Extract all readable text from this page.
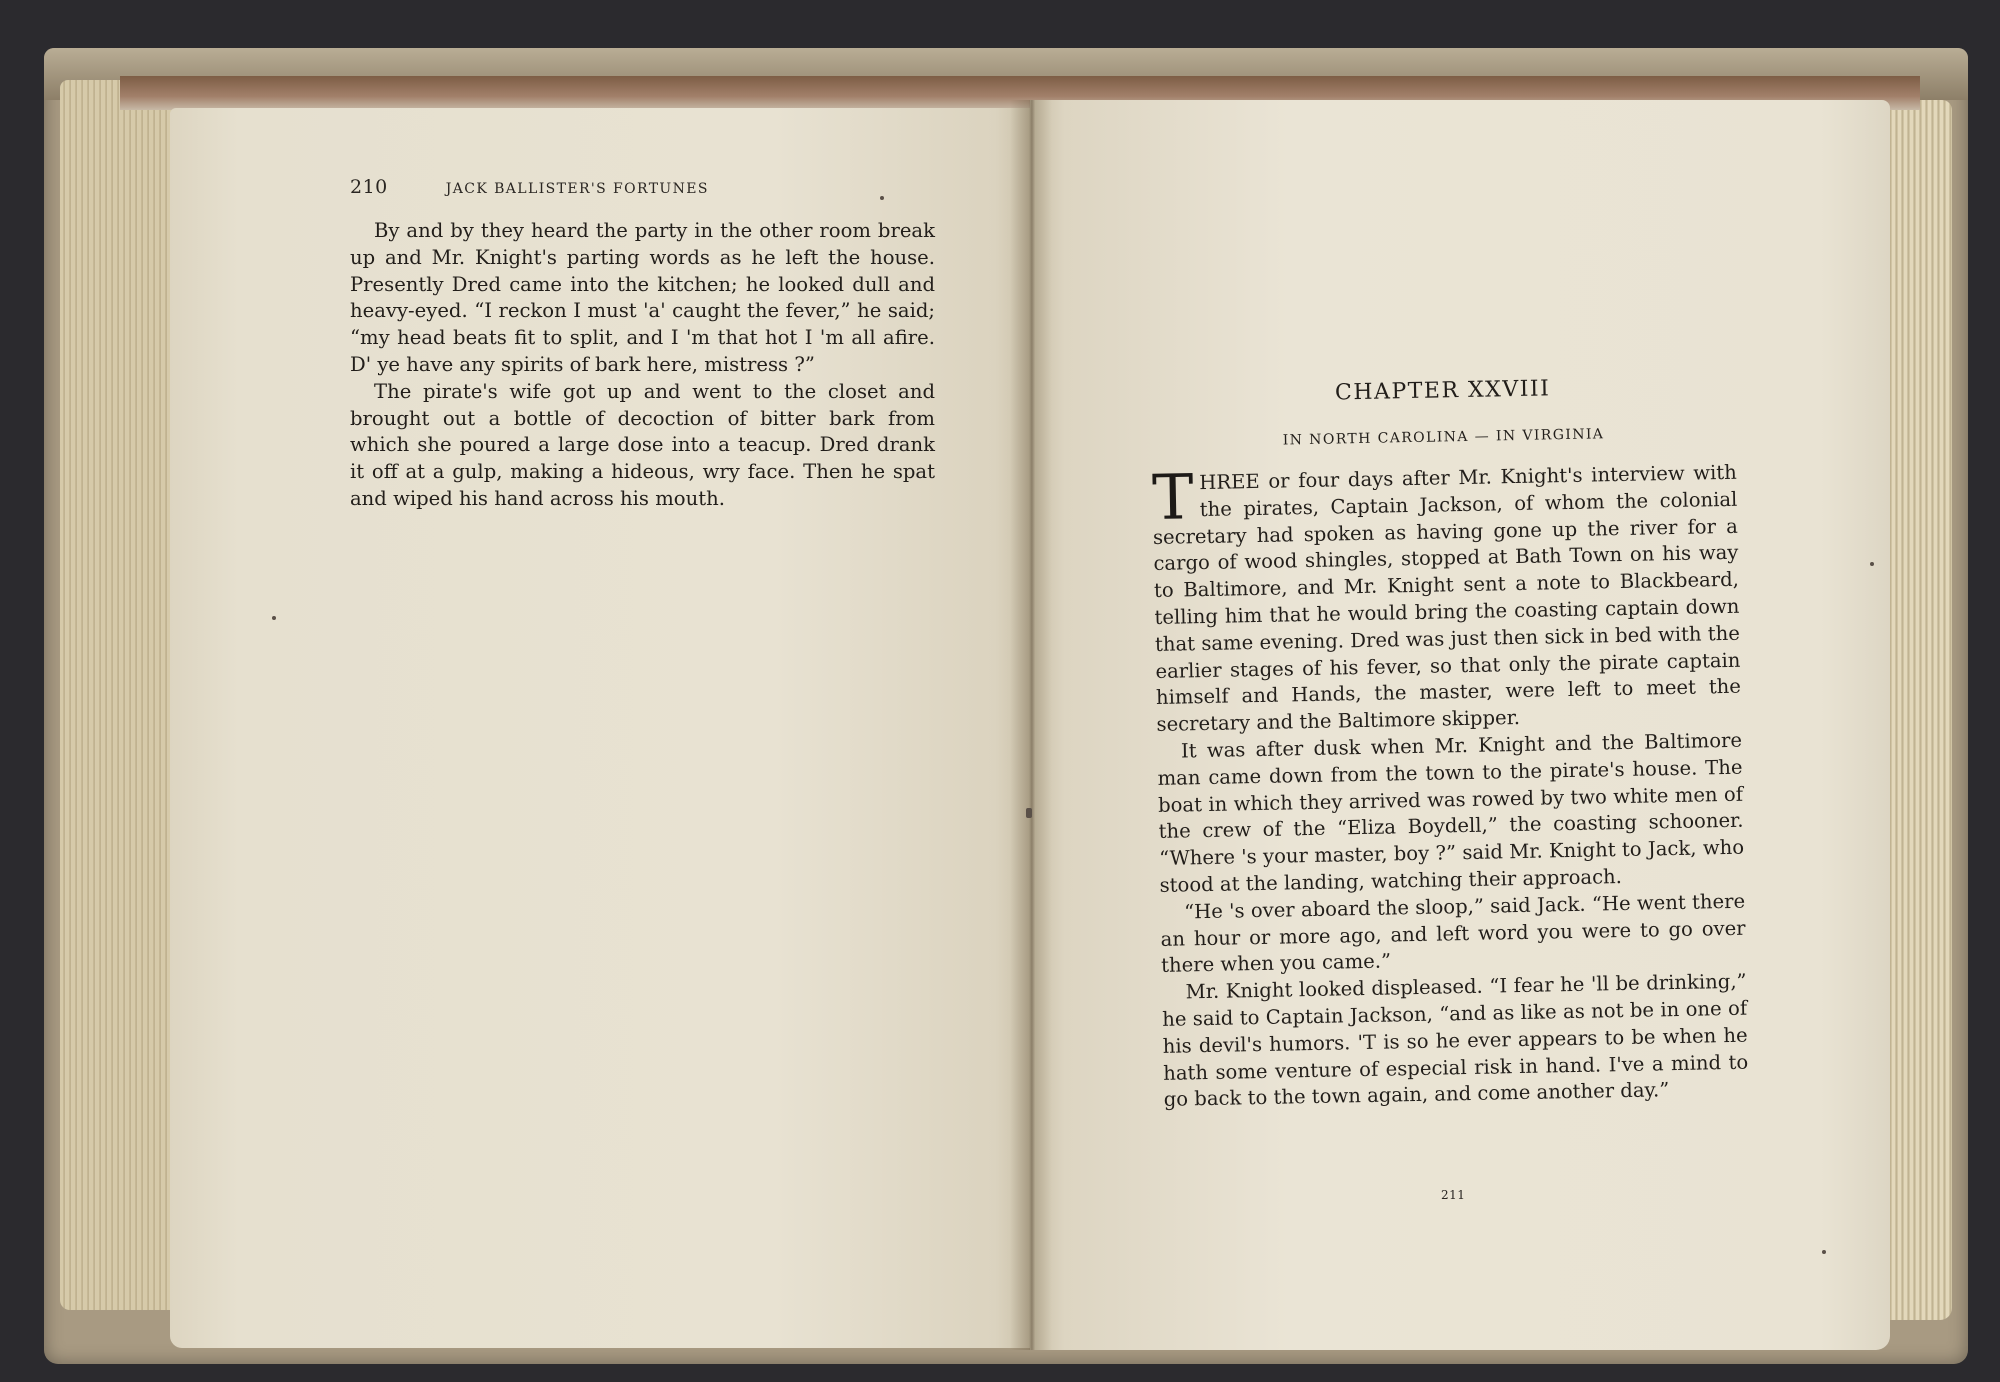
210	JACK BALLISTER'S FORTUNES

By and by they heard the party in the other room break up and Mr. Knight's parting words as he left the house. Presently Dred came into the kitchen; he looked dull and heavy-eyed. “I reckon I must 'a' caught the fever,” he said; “my head beats fit to split, and I 'm that hot I 'm all afire. D' ye have any spirits of bark here, mistress ?”

The pirate's wife got up and went to the closet and brought out a bottle of decoction of bitter bark from which she poured a large dose into a teacup. Dred drank it off at a gulp, making a hideous, wry face. Then he spat and wiped his hand across his mouth.

CHAPTER XXVIII
IN NORTH CAROLINA — IN VIRGINIA

THREE or four days after Mr. Knight's interview with the pirates, Captain Jackson, of whom the colonial secretary had spoken as having gone up the river for a cargo of wood shingles, stopped at Bath Town on his way to Baltimore, and Mr. Knight sent a note to Blackbeard, telling him that he would bring the coasting captain down that same evening. Dred was just then sick in bed with the earlier stages of his fever, so that only the pirate captain himself and Hands, the master, were left to meet the secretary and the Baltimore skipper.

It was after dusk when Mr. Knight and the Baltimore man came down from the town to the pirate's house. The boat in which they arrived was rowed by two white men of the crew of the “Eliza Boydell,” the coasting schooner. “Where 's your master, boy ?” said Mr. Knight to Jack, who stood at the landing, watching their approach.

“He 's over aboard the sloop,” said Jack. “He went there an hour or more ago, and left word you were to go over there when you came.”

Mr. Knight looked displeased. “I fear he 'll be drinking,” he said to Captain Jackson, “and as like as not be in one of his devil's humors. 'T is so he ever appears to be when he hath some venture of especial risk in hand. I've a mind to go back to the town again, and come another day.”

211
